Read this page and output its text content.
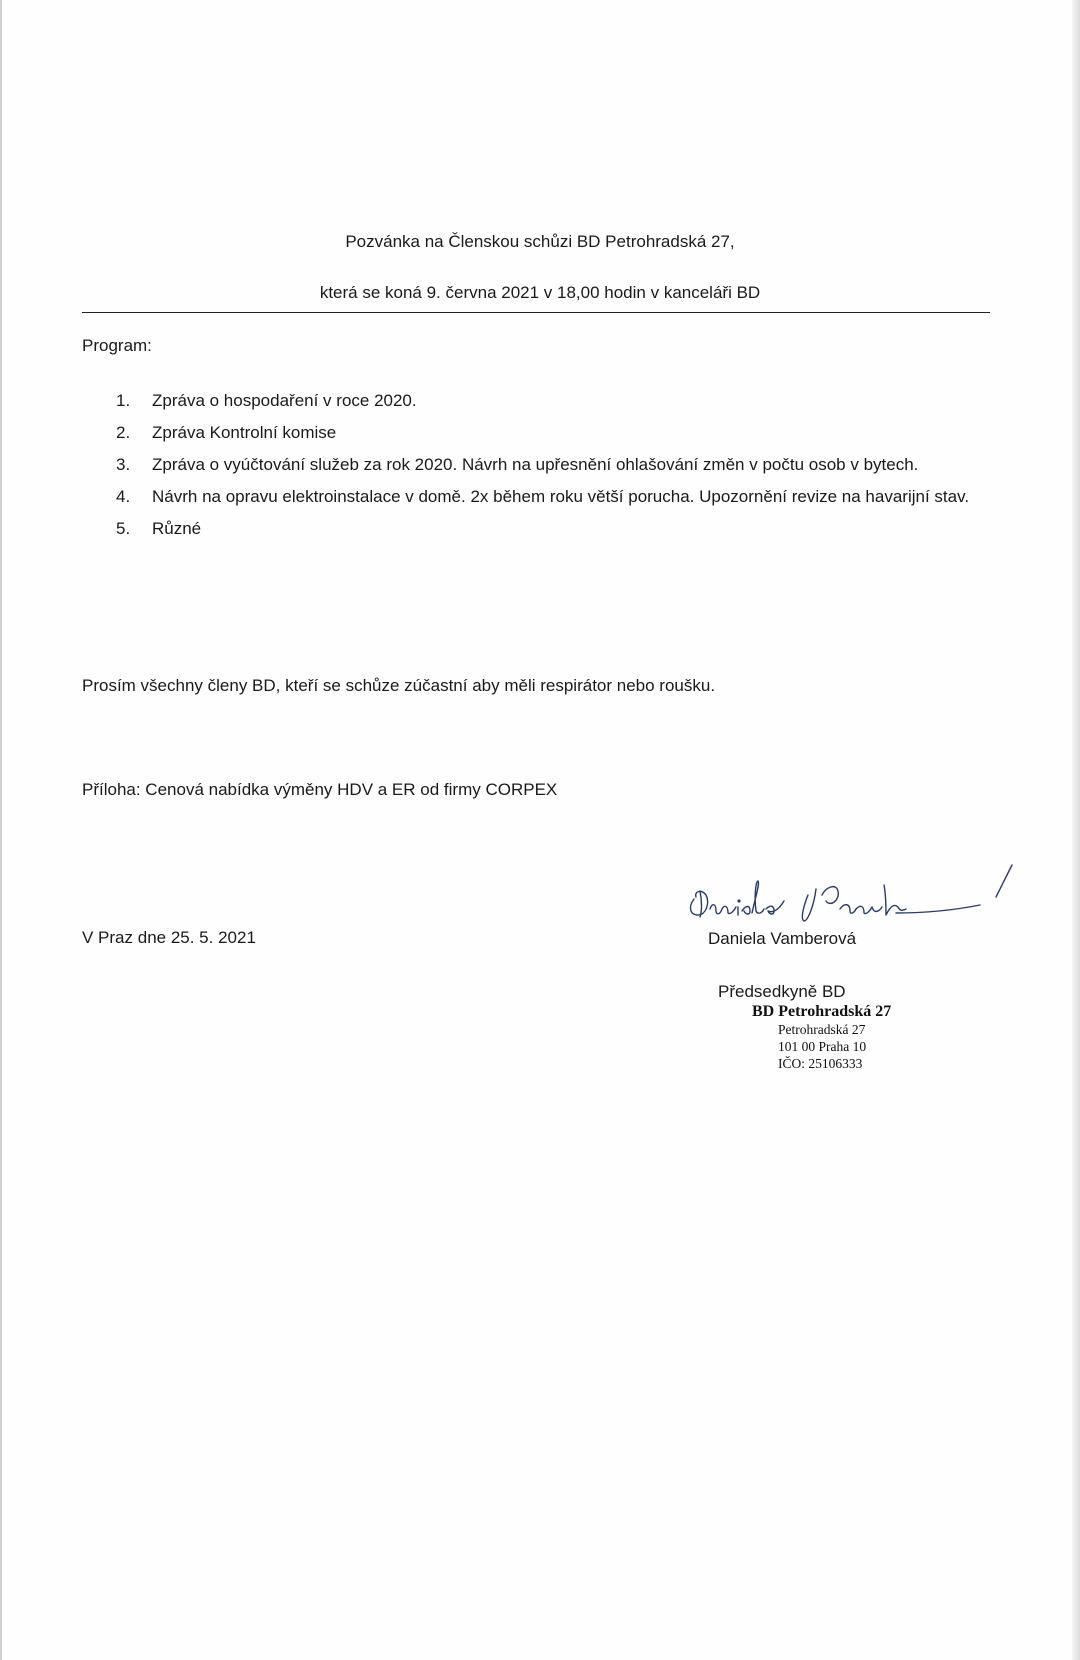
Pozvánka na Členskou schůzi BD Petrohradská 27,
která se koná 9. června 2021 v 18,00 hodin v kanceláři BD
Program:
1. Zpráva o hospodaření v roce 2020.
2. Zpráva Kontrolní komise
3. Zpráva o vyúčtování služeb za rok 2020. Návrh na upřesnění ohlašování změn v počtu osob v bytech.
4. Návrh na opravu elektroinstalace v domě. 2x během roku větší porucha. Upozornění revize na havarijní stav.
5. Různé
Prosím všechny členy BD, kteří se schůze zúčastní aby měli respirátor nebo roušku.
Příloha: Cenová nabídka výměny HDV a ER od firmy CORPEX
V Praz dne 25. 5. 2021	Daniela Vamberová
Předsedkyně BD
BD Petrohradská 27
Petrohradská 27
101 00 Praha 10
IČO: 25106333
